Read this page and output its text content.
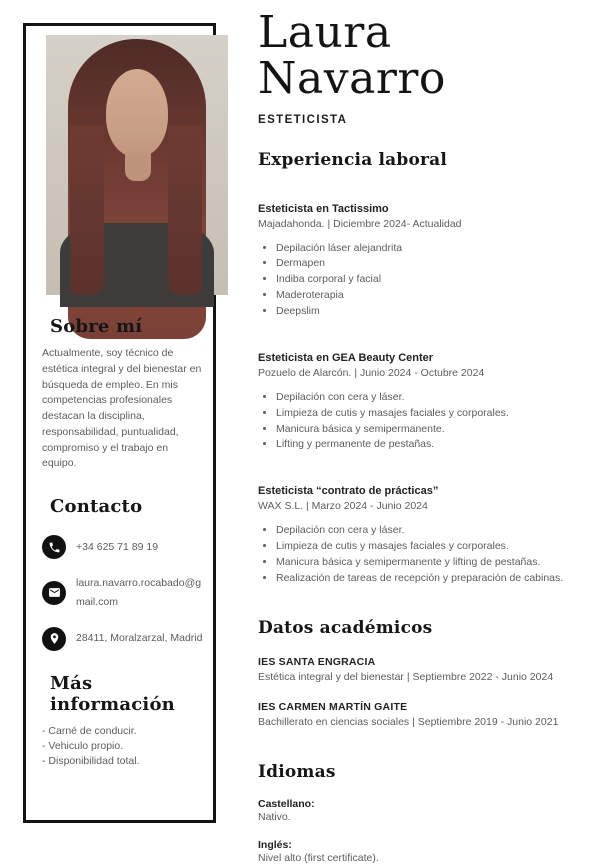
Sobre mí

Actualmente, soy técnico de estética integral y del bienestar en búsqueda de empleo. En mis competencias profesionales destacan la disciplina, responsabilidad, puntualidad, compromiso y el trabajo en equipo.

Contacto
+34 625 71 89 19
laura.navarro.rocabado@gmail.com
28411, Moralzarzal, Madrid
Más información
- Carné de conducir.
- Vehiculo propio.
- Disponibilidad total.
Laura
Navarro
ESTETICISTA
Experiencia laboral
Esteticista en Tactissimo
Majadahonda. | Diciembre 2024- Actualidad
• Depilación láser alejandrita
• Dermapen
• Indiba corporal y facial
• Maderoterapia
• Deepslim
Esteticista en GEA Beauty Center
Pozuelo de Alarcón. | Junio 2024 - Octubre 2024
• Depilación con cera y láser.
• Limpieza de cutis y masajes faciales y corporales.
• Manicura básica y semipermanente.
• Lifting y permanente de pestañas.
Esteticista “contrato de prácticas”
WAX S.L. | Marzo 2024 - Junio 2024
• Depilación con cera y láser.
• Limpieza de cutis y masajes faciales y corporales.
• Manicura básica y semipermanente y lifting de pestañas.
• Realización de tareas de recepción y preparación de cabinas.
Datos académicos
IES SANTA ENGRACIA
Estética integral y del bienestar | Septiembre 2022 - Junio 2024
IES CARMEN MARTÍN GAITE
Bachillerato en ciencias sociales | Septiembre 2019 - Junio 2021
Idiomas
Castellano:
Nativo.
Inglés:
Nivel alto (first certificate).
